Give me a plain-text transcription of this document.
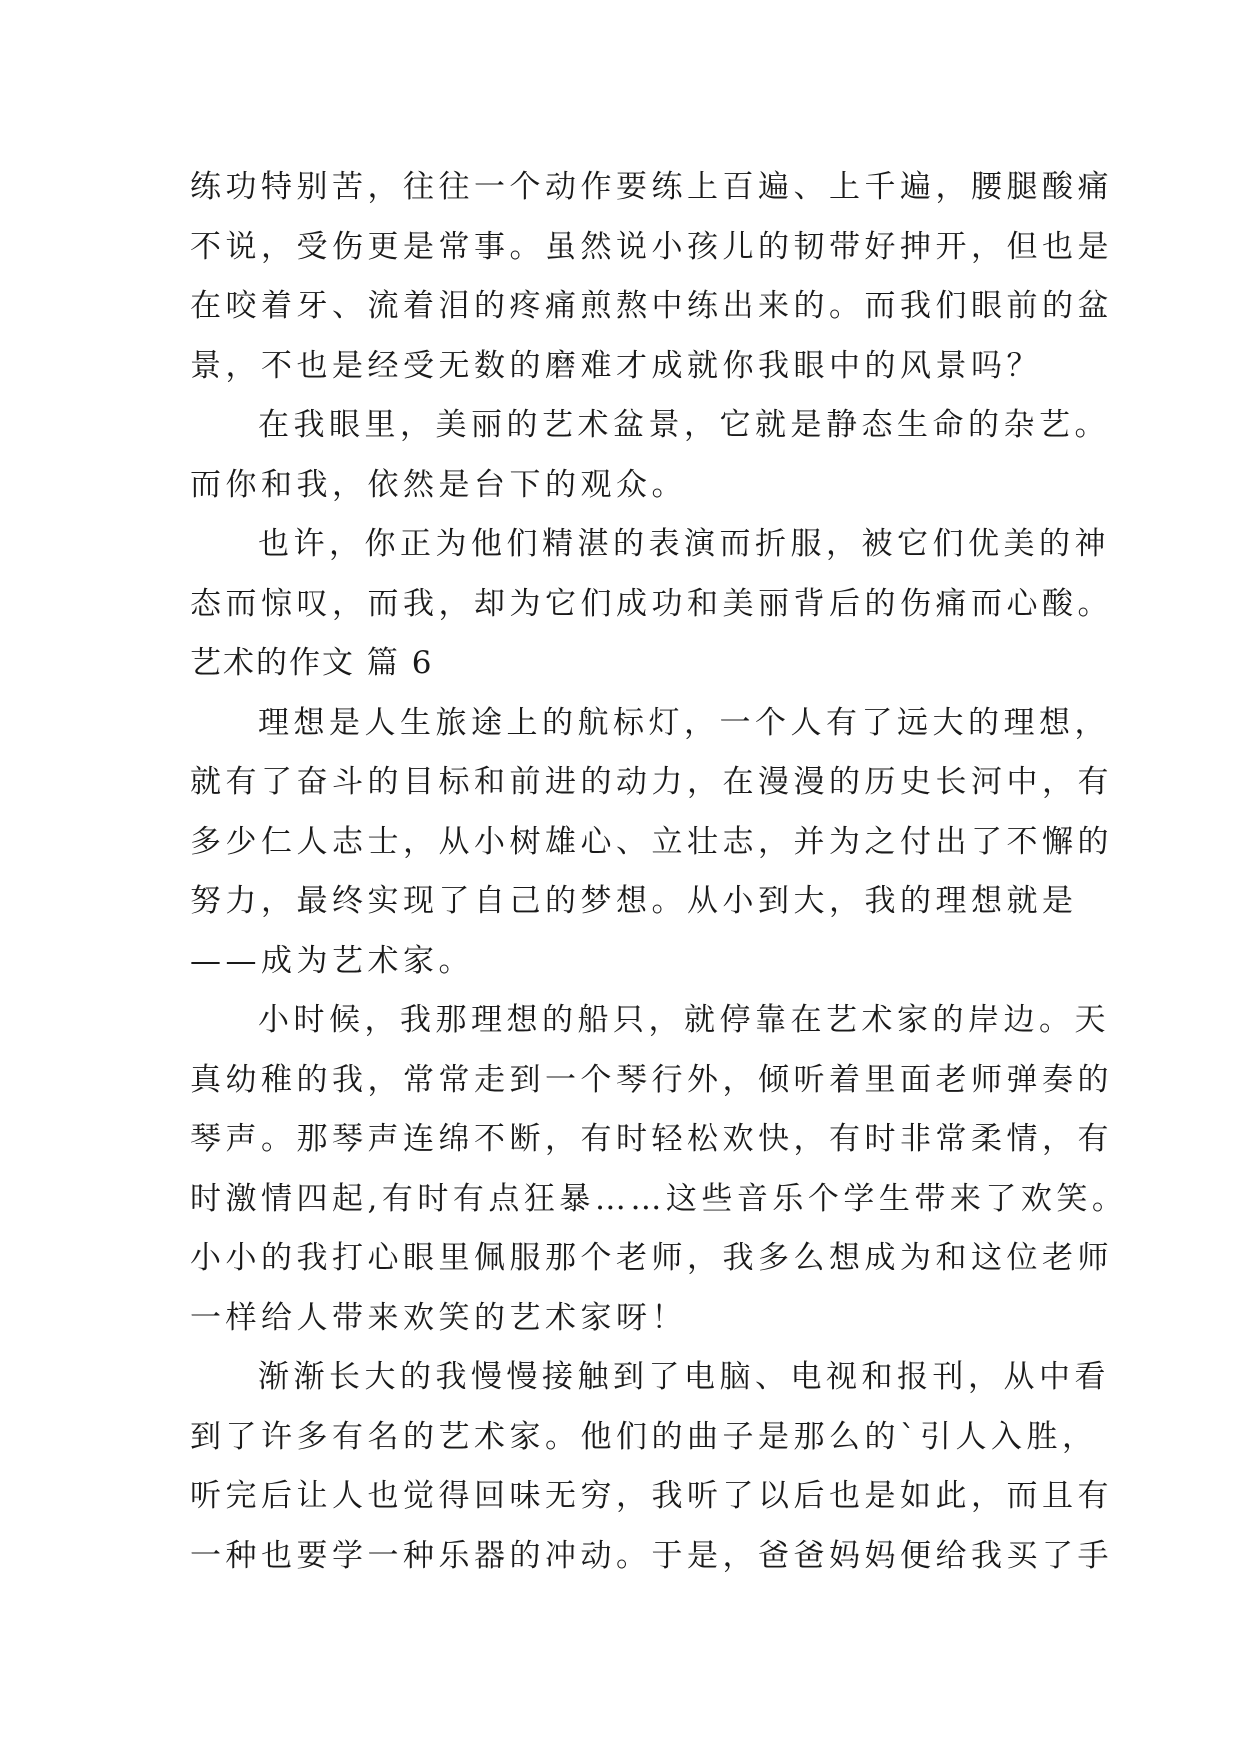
练功特别苦，往往一个动作要练上百遍、上千遍，腰腿酸痛
不说，受伤更是常事。虽然说小孩儿的韧带好抻开，但也是
在咬着牙、流着泪的疼痛煎熬中练出来的。而我们眼前的盆
景，不也是经受无数的磨难才成就你我眼中的风景吗？
在我眼里，美丽的艺术盆景，它就是静态生命的杂艺。
而你和我，依然是台下的观众。
也许，你正为他们精湛的表演而折服，被它们优美的神
态而惊叹，而我，却为它们成功和美丽背后的伤痛而心酸。
艺术的作文 篇 6
理想是人生旅途上的航标灯，一个人有了远大的理想，
就有了奋斗的目标和前进的动力，在漫漫的历史长河中，有
多少仁人志士，从小树雄心、立壮志，并为之付出了不懈的
努力，最终实现了自己的梦想。从小到大，我的理想就是
——成为艺术家。
小时候，我那理想的船只，就停靠在艺术家的岸边。天
真幼稚的我，常常走到一个琴行外，倾听着里面老师弹奏的
琴声。那琴声连绵不断，有时轻松欢快，有时非常柔情，有
时激情四起,有时有点狂暴……这些音乐个学生带来了欢笑。
小小的我打心眼里佩服那个老师，我多么想成为和这位老师
一样给人带来欢笑的艺术家呀！
渐渐长大的我慢慢接触到了电脑、电视和报刊，从中看
到了许多有名的艺术家。他们的曲子是那么的`引人入胜，
听完后让人也觉得回味无穷，我听了以后也是如此，而且有
一种也要学一种乐器的冲动。于是，爸爸妈妈便给我买了手
